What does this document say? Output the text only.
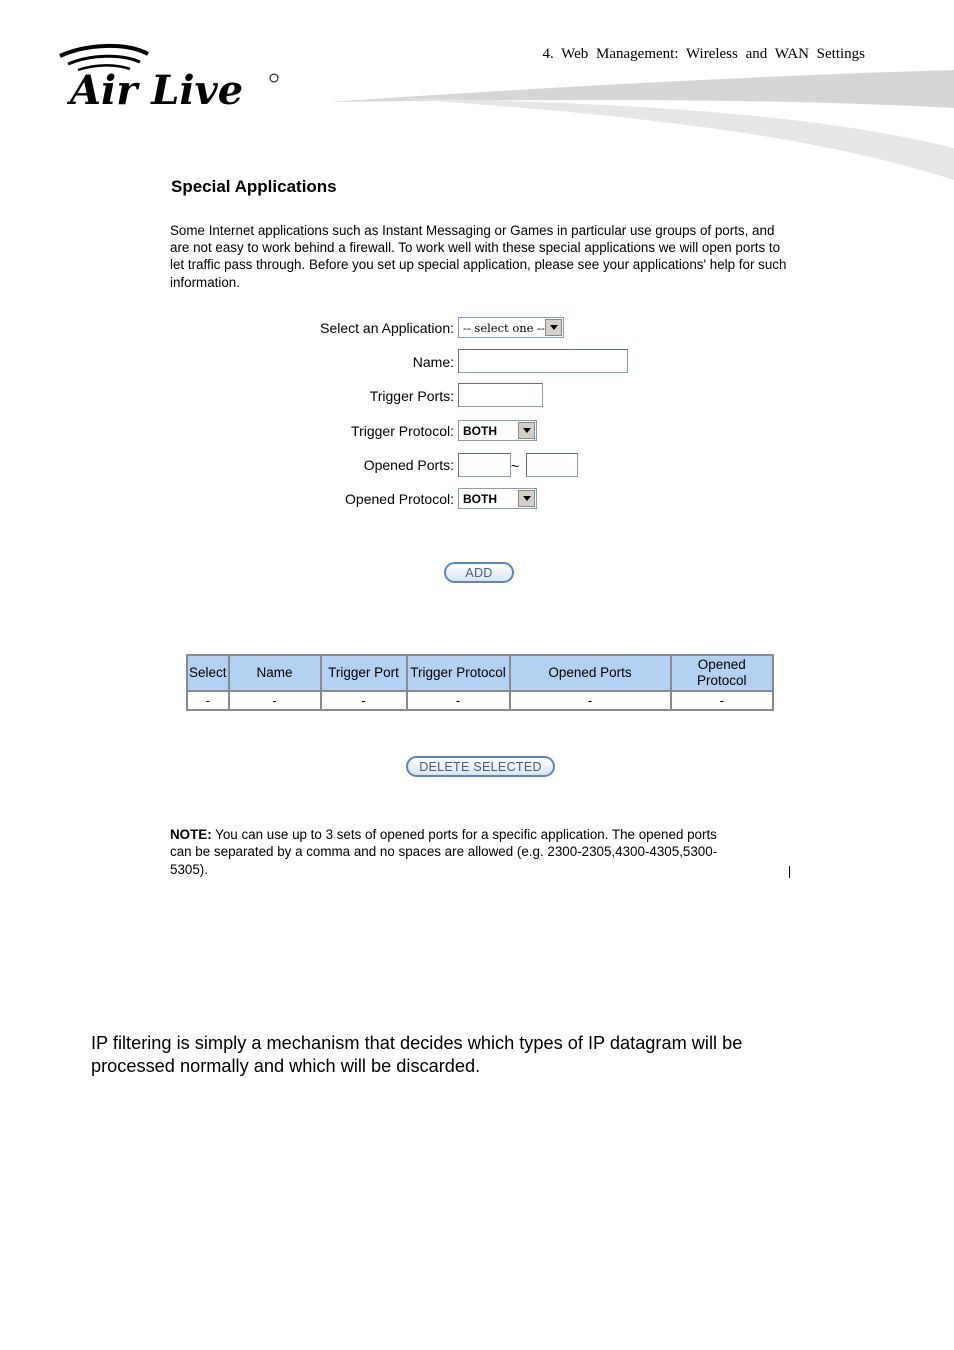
Air Live
4. Web Management: Wireless and WAN Settings
Special Applications
Some Internet applications such as Instant Messaging or Games in particular use groups of ports, and are not easy to work behind a firewall. To work well with these special applications we will open ports to let traffic pass through. Before you set up special application, please see your applications' help for such information.
Select an Application: -- select one --
Name:
Trigger Ports:
Trigger Protocol: BOTH
Opened Ports:	~
Opened Protocol: BOTH
ADD
Select	Name	Trigger Port	Trigger Protocol	Opened Ports	Opened Protocol
-	-	-	-	-	-
DELETE SELECTED
NOTE: You can use up to 3 sets of opened ports for a specific application. The opened ports can be separated by a comma and no spaces are allowed (e.g. 2300-2305,4300-4305,5300-5305).
IP filtering is simply a mechanism that decides which types of IP datagram will be processed normally and which will be discarded.
